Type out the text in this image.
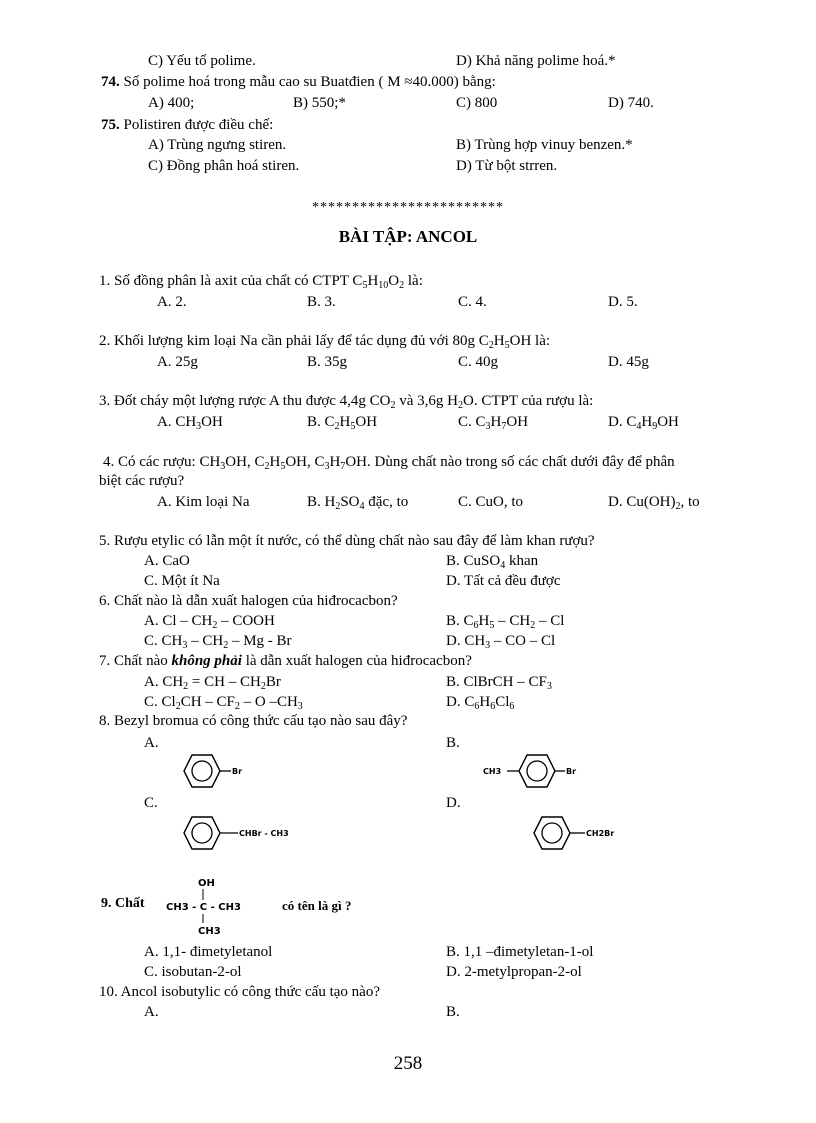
C) Yếu tố polime.	D) Khả năng polime hoá.*
74. Số polime hoá trong mẫu cao su Buatđien ( M ≈40.000) bằng:
A) 400;	B) 550;*	C) 800	D) 740.
75. Polistiren được điều chế:
A) Trùng ngưng stiren.	B) Trùng hợp vinuy benzen.*
C) Đồng phân hoá stiren.	D) Từ bột strren.
************************
BÀI TẬP: ANCOL
1. Số đồng phân là axit của chất có CTPT $C_5H_{10}O_2$ là:
A. 2.	B. 3.	C. 4.	D. 5.
2. Khối lượng kim loại Na cần phải lấy để tác dụng đủ với 80g $C_2H_5OH$ là:
A. 25g	B. 35g	C. 40g	D. 45g
3. Đốt cháy một lượng rược A thu được 4,4g $CO_2$ và 3,6g $H_2O$. CTPT của rượu là:
A. $CH_3OH$	B. $C_2H_5OH$	C. $C_3H_7OH$	D. $C_4H_9OH$
4. Có các rượu: $CH_3OH$, $C_2H_5OH$, $C_3H_7OH$. Dùng chất nào trong số các chất dưới đây để phân
biệt các rượu?
A. Kim loại Na	B. $H_2SO_4$ đặc, to	C. CuO, to	D. $Cu(OH)_2$, to
5. Rượu etylic có lẫn một ít nước, có thể dùng chất nào sau đây để làm khan rượu?
A. CaO	B. CuSO$_4$ khan
C. Một ít Na	D. Tất cả đều được
6. Chất nào là dẫn xuất halogen của hiđrocacbon?
A. Cl – $CH_2$ – COOH	B. $C_6H_5 - CH_2$ – Cl
C. $CH_3 - CH_2$ – Mg - Br	D. $CH_3$ – CO – Cl
7. Chất nào không phải là dẫn xuất halogen của hiđrocacbon?
A. $CH_2$ = CH – $CH_2Br$	B. ClBrCH – $CF_3$
C. $Cl_2CH - CF_2$ – O $-CH_3$	D. $C_6H_6Cl_6$
8. Bezyl bromua có công thức cấu tạo nào sau đây?
A.	B.
Br	CH3	Br
C.	D.
CHBr - CH3	CH2Br
9. Chất
OH
CH3 - C - CH3
CH3
có tên là gì ?
A. 1,1- đimetyletanol	B. 1,1 –đimetyletan-1-ol
C. isobutan-2-ol	D. 2-metylpropan-2-ol
10. Ancol isobutylic có công thức cấu tạo nào?
A.	B.
258
